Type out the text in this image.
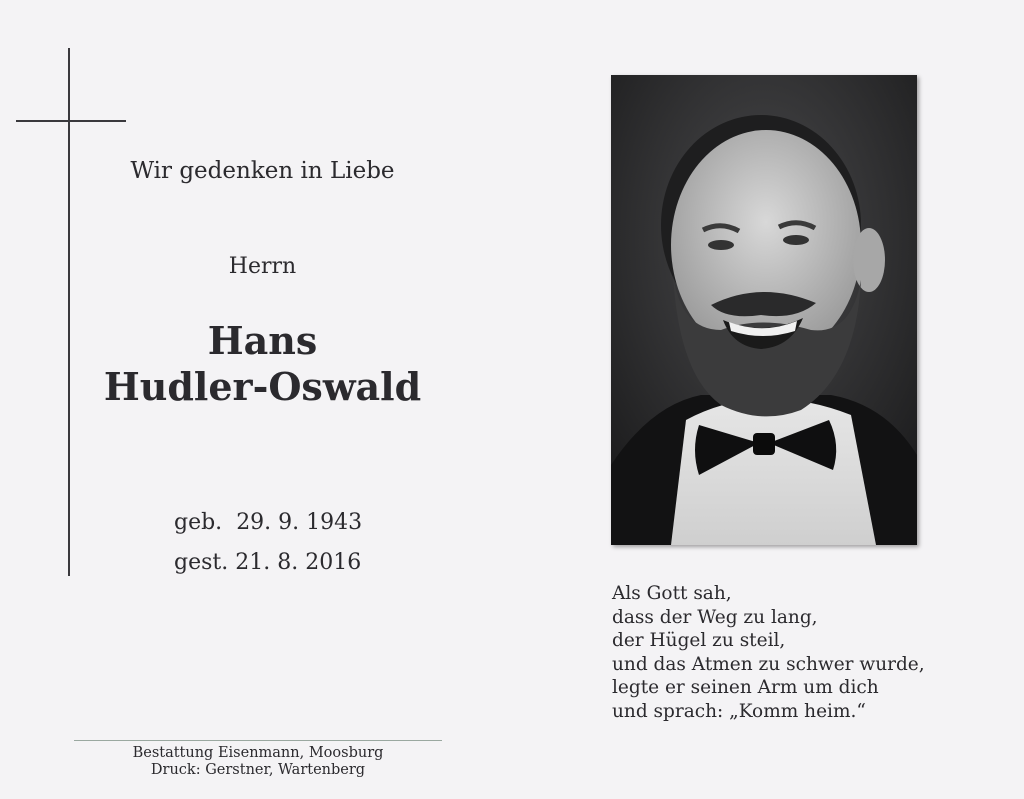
Wir gedenken in Liebe
Herrn
Hans
Hudler-Oswald
geb. 29. 9. 1943
gest. 21. 8. 2016
Als Gott sah,
dass der Weg zu lang,
der Hügel zu steil,
und das Atmen zu schwer wurde,
legte er seinen Arm um dich
und sprach: „Komm heim.“
Bestattung Eisenmann, Moosburg
Druck: Gerstner, Wartenberg
